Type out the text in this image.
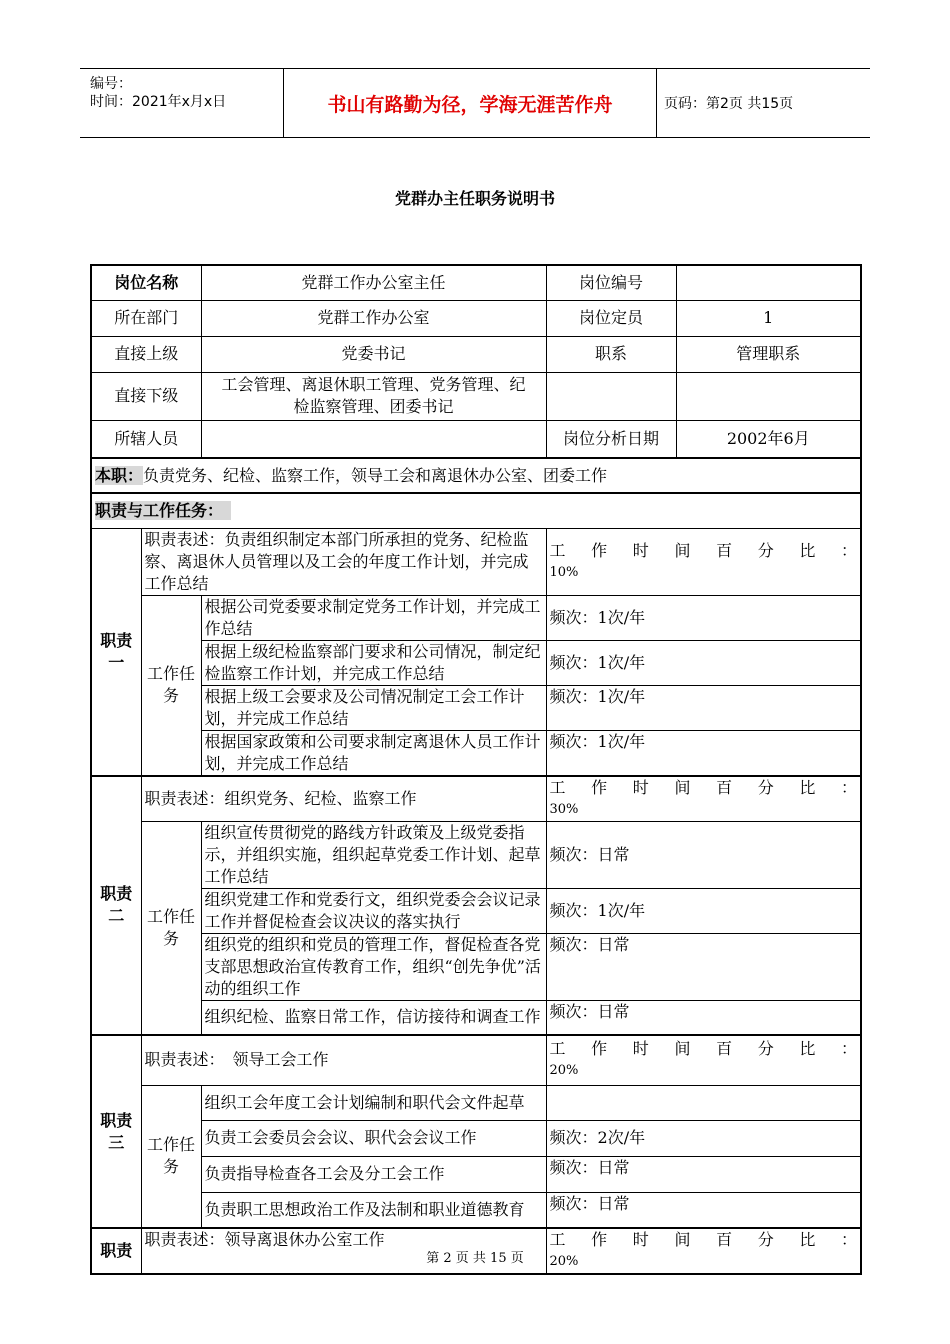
编号：
时间：2021年x月x日	书山有路勤为径，学海无涯苦作舟	页码：第2页 共15页
党群办主任职务说明书
岗位名称		党群工作办公室主任	岗位编号	
所在部门		党群工作办公室	岗位定员	1
直接上级		党委书记	职系	管理职系
直接下级		工会管理、离退休职工管理、党务管理、纪检监察管理、团委书记		
所辖人员			岗位分析日期	2002年6月
本职：负责党务、纪检、监察工作，领导工会和离退休办公室、团委工作				
职责与工作任务：				
职责一	职责表述：负责组织制定本部门所承担的党务、纪检监察、离退休人员管理以及工会的年度工作计划，并完成工作总结		工作时间百分比：
10%	

	工作任务	根据公司党委要求制定党务工作计划，并完成工作总结	频次：1次/年	
		根据上级纪检监察部门要求和公司情况，制定纪检监察工作计划，并完成工作总结	频次：1次/年	
		根据上级工会要求及公司情况制定工会工作计划，并完成工作总结	频次：1次/年	
		根据国家政策和公司要求制定离退休人员工作计划，并完成工作总结	频次：1次/年	
职责二	职责表述：组织党务、纪检、监察工作		工作时间百分比：
30%	

	工作任务	组织宣传贯彻党的路线方针政策及上级党委指示，并组织实施，组织起草党委工作计划、起草工作总结	频次：日常	
		组织党建工作和党委行文，组织党委会会议记录工作并督促检查会议决议的落实执行	频次：1次/年	
		组织党的组织和党员的管理工作，督促检查各党支部思想政治宣传教育工作，组织“创先争优”活动的组织工作	频次：日常	
		组织纪检、监察日常工作，信访接待和调查工作	频次：日常	
职责三	职责表述：　领导工会工作		工作时间百分比：
20%	

	工作任务	组织工会年度工会计划编制和职代会文件起草		
		负责工会委员会会议、职代会会议工作	频次：2次/年	
		负责指导检查各工会及分工会工作	频次：日常	
		负责职工思想政治工作及法制和职业道德教育	频次：日常	
职责	职责表述：领导离退休办公室工作		工作时间百分比：
20%	
第 2 页 共 15 页
